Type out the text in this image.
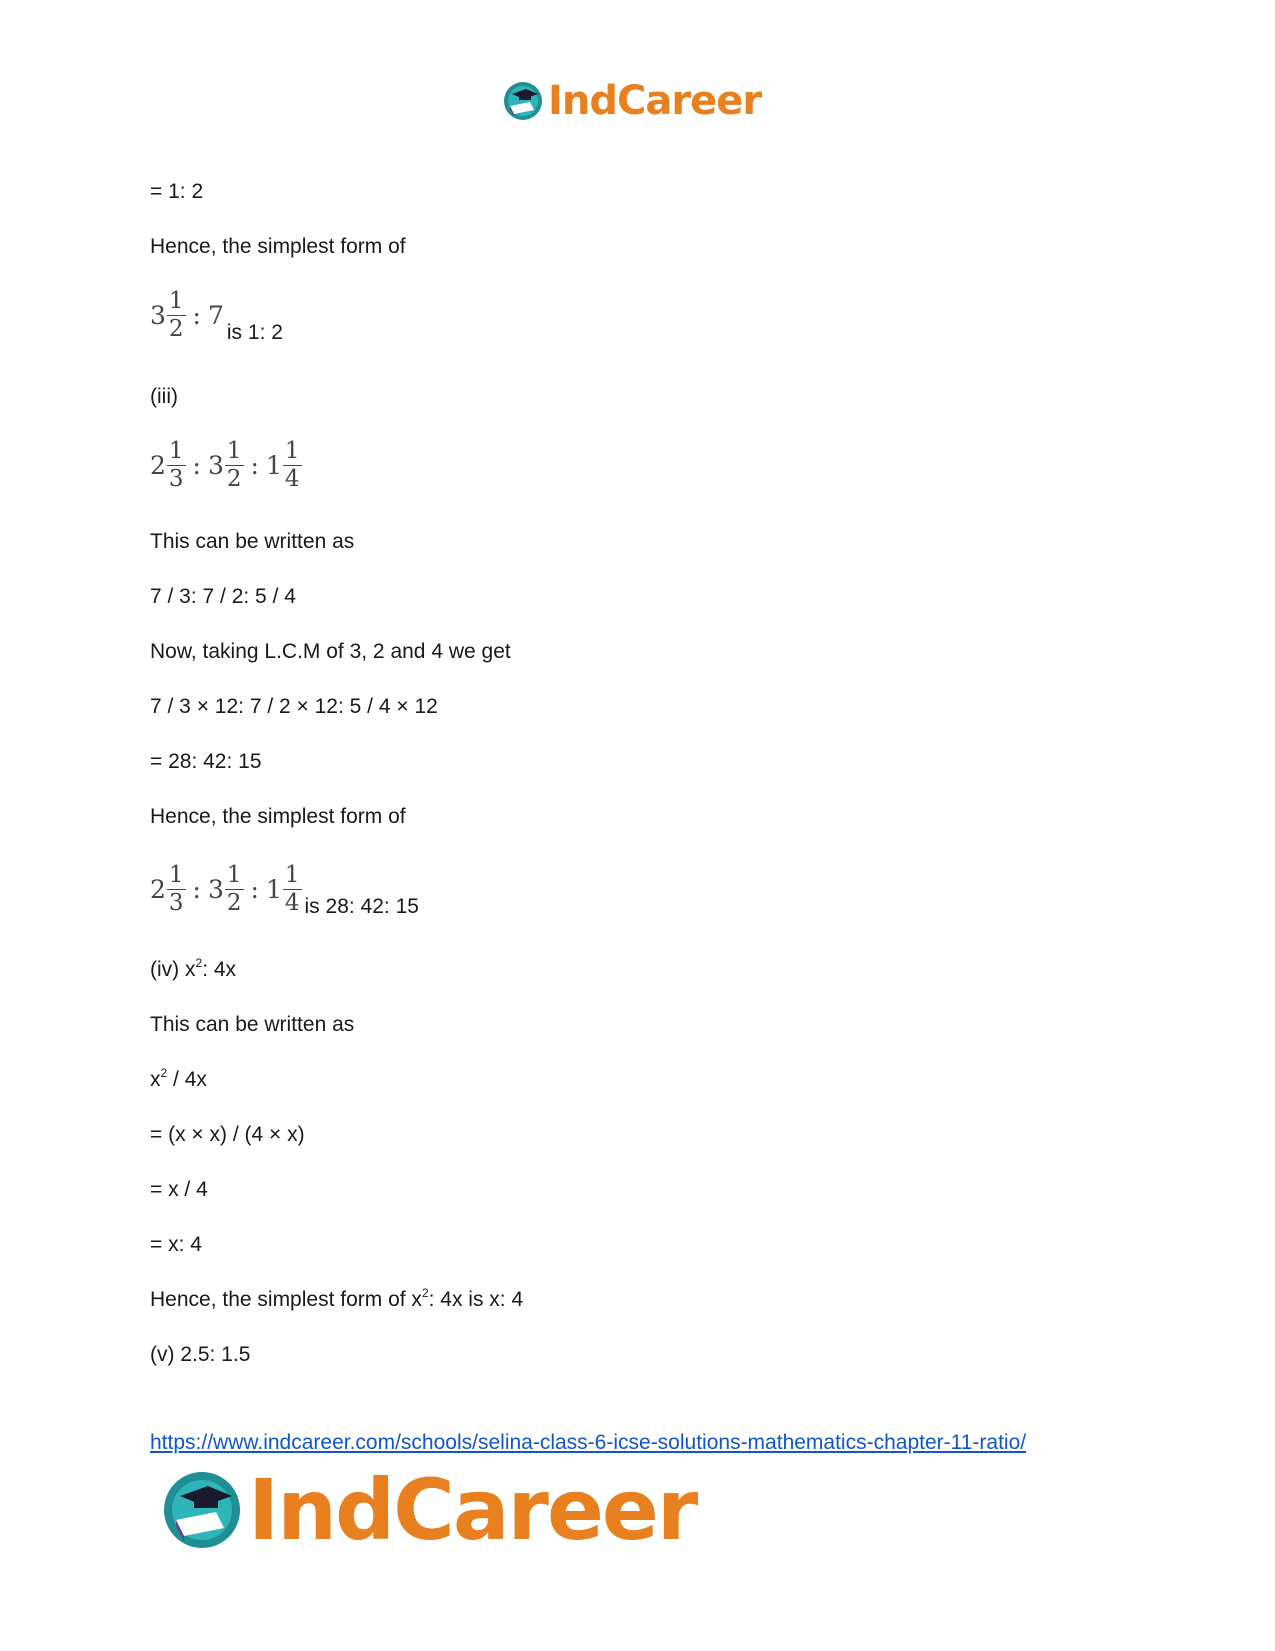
IndCareer
= 1: 2
Hence, the simplest form of
$3 \frac{1}{2}$ : 7
is 1: 2
(iii)
$2 \frac{1}{3}$ : $3 \frac{1}{2}$ : $1 \frac{1}{4}$
This can be written as
7 / 3: 7 / 2: 5 / 4
Now, taking L.C.M of 3, 2 and 4 we get
7 / 3 × 12: 7 / 2 × 12: 5 / 4 × 12
= 28: 42: 15
Hence, the simplest form of
$2 \frac{1}{3}$ : $3 \frac{1}{2}$ : $1 \frac{1}{4}$ is 28: 42: 15
(iv) $x^2$: 4x
This can be written as
$x^2 / 4x$
= (x × x) / (4 × x)
= x / 4
= x: 4
Hence, the simplest form of $x^2$: 4x is x: 4
(v) 2.5: 1.5
https://www.indcareer.com/schools/selina-class-6-icse-solutions-mathematics-chapter-11-ratio/
IndCareer
